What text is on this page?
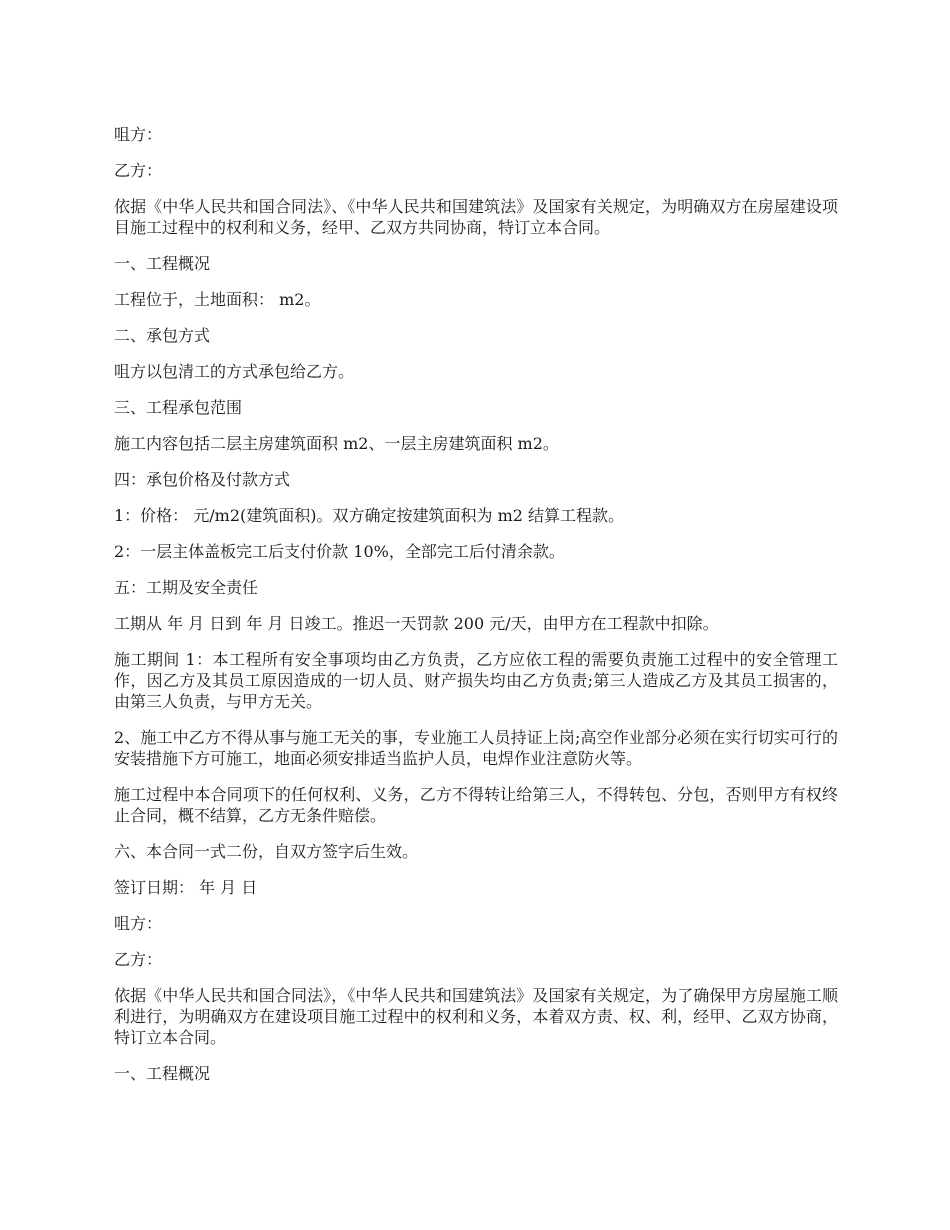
咀方：

乙方：

依据《中华人民共和国合同法》、《中华人民共和国建筑法》及国家有关规定，为明确双方在房屋建设项目施工过程中的权利和义务，经甲、乙双方共同协商，特订立本合同。

一、工程概况

工程位于，土地面积： m2。

二、承包方式

咀方以包清工的方式承包给乙方。

三、工程承包范围

施工内容包括二层主房建筑面积 m2、一层主房建筑面积 m2。

四：承包价格及付款方式

1：价格： 元/m2(建筑面积)。双方确定按建筑面积为 m2 结算工程款。

2：一层主体盖板完工后支付价款 10%，全部完工后付清余款。

五：工期及安全责任

工期从 年 月 日到 年 月 日竣工。推迟一天罚款 200 元/天，由甲方在工程款中扣除。

施工期间 1：本工程所有安全事项均由乙方负责，乙方应依工程的需要负责施工过程中的安全管理工作，因乙方及其员工原因造成的一切人员、财产损失均由乙方负责;第三人造成乙方及其员工损害的，由第三人负责，与甲方无关。

2、施工中乙方不得从事与施工无关的事，专业施工人员持证上岗;高空作业部分必须在实行切实可行的安装措施下方可施工，地面必须安排适当监护人员，电焊作业注意防火等。

施工过程中本合同项下的任何权利、义务，乙方不得转让给第三人，不得转包、分包，否则甲方有权终止合同，概不结算，乙方无条件赔偿。

六、本合同一式二份，自双方签字后生效。

签订日期： 年 月 日

咀方：

乙方：

依据《中华人民共和国合同法》，《中华人民共和国建筑法》及国家有关规定，为了确保甲方房屋施工顺利进行，为明确双方在建设项目施工过程中的权利和义务，本着双方责、权、利，经甲、乙双方协商，特订立本合同。

一、工程概况
